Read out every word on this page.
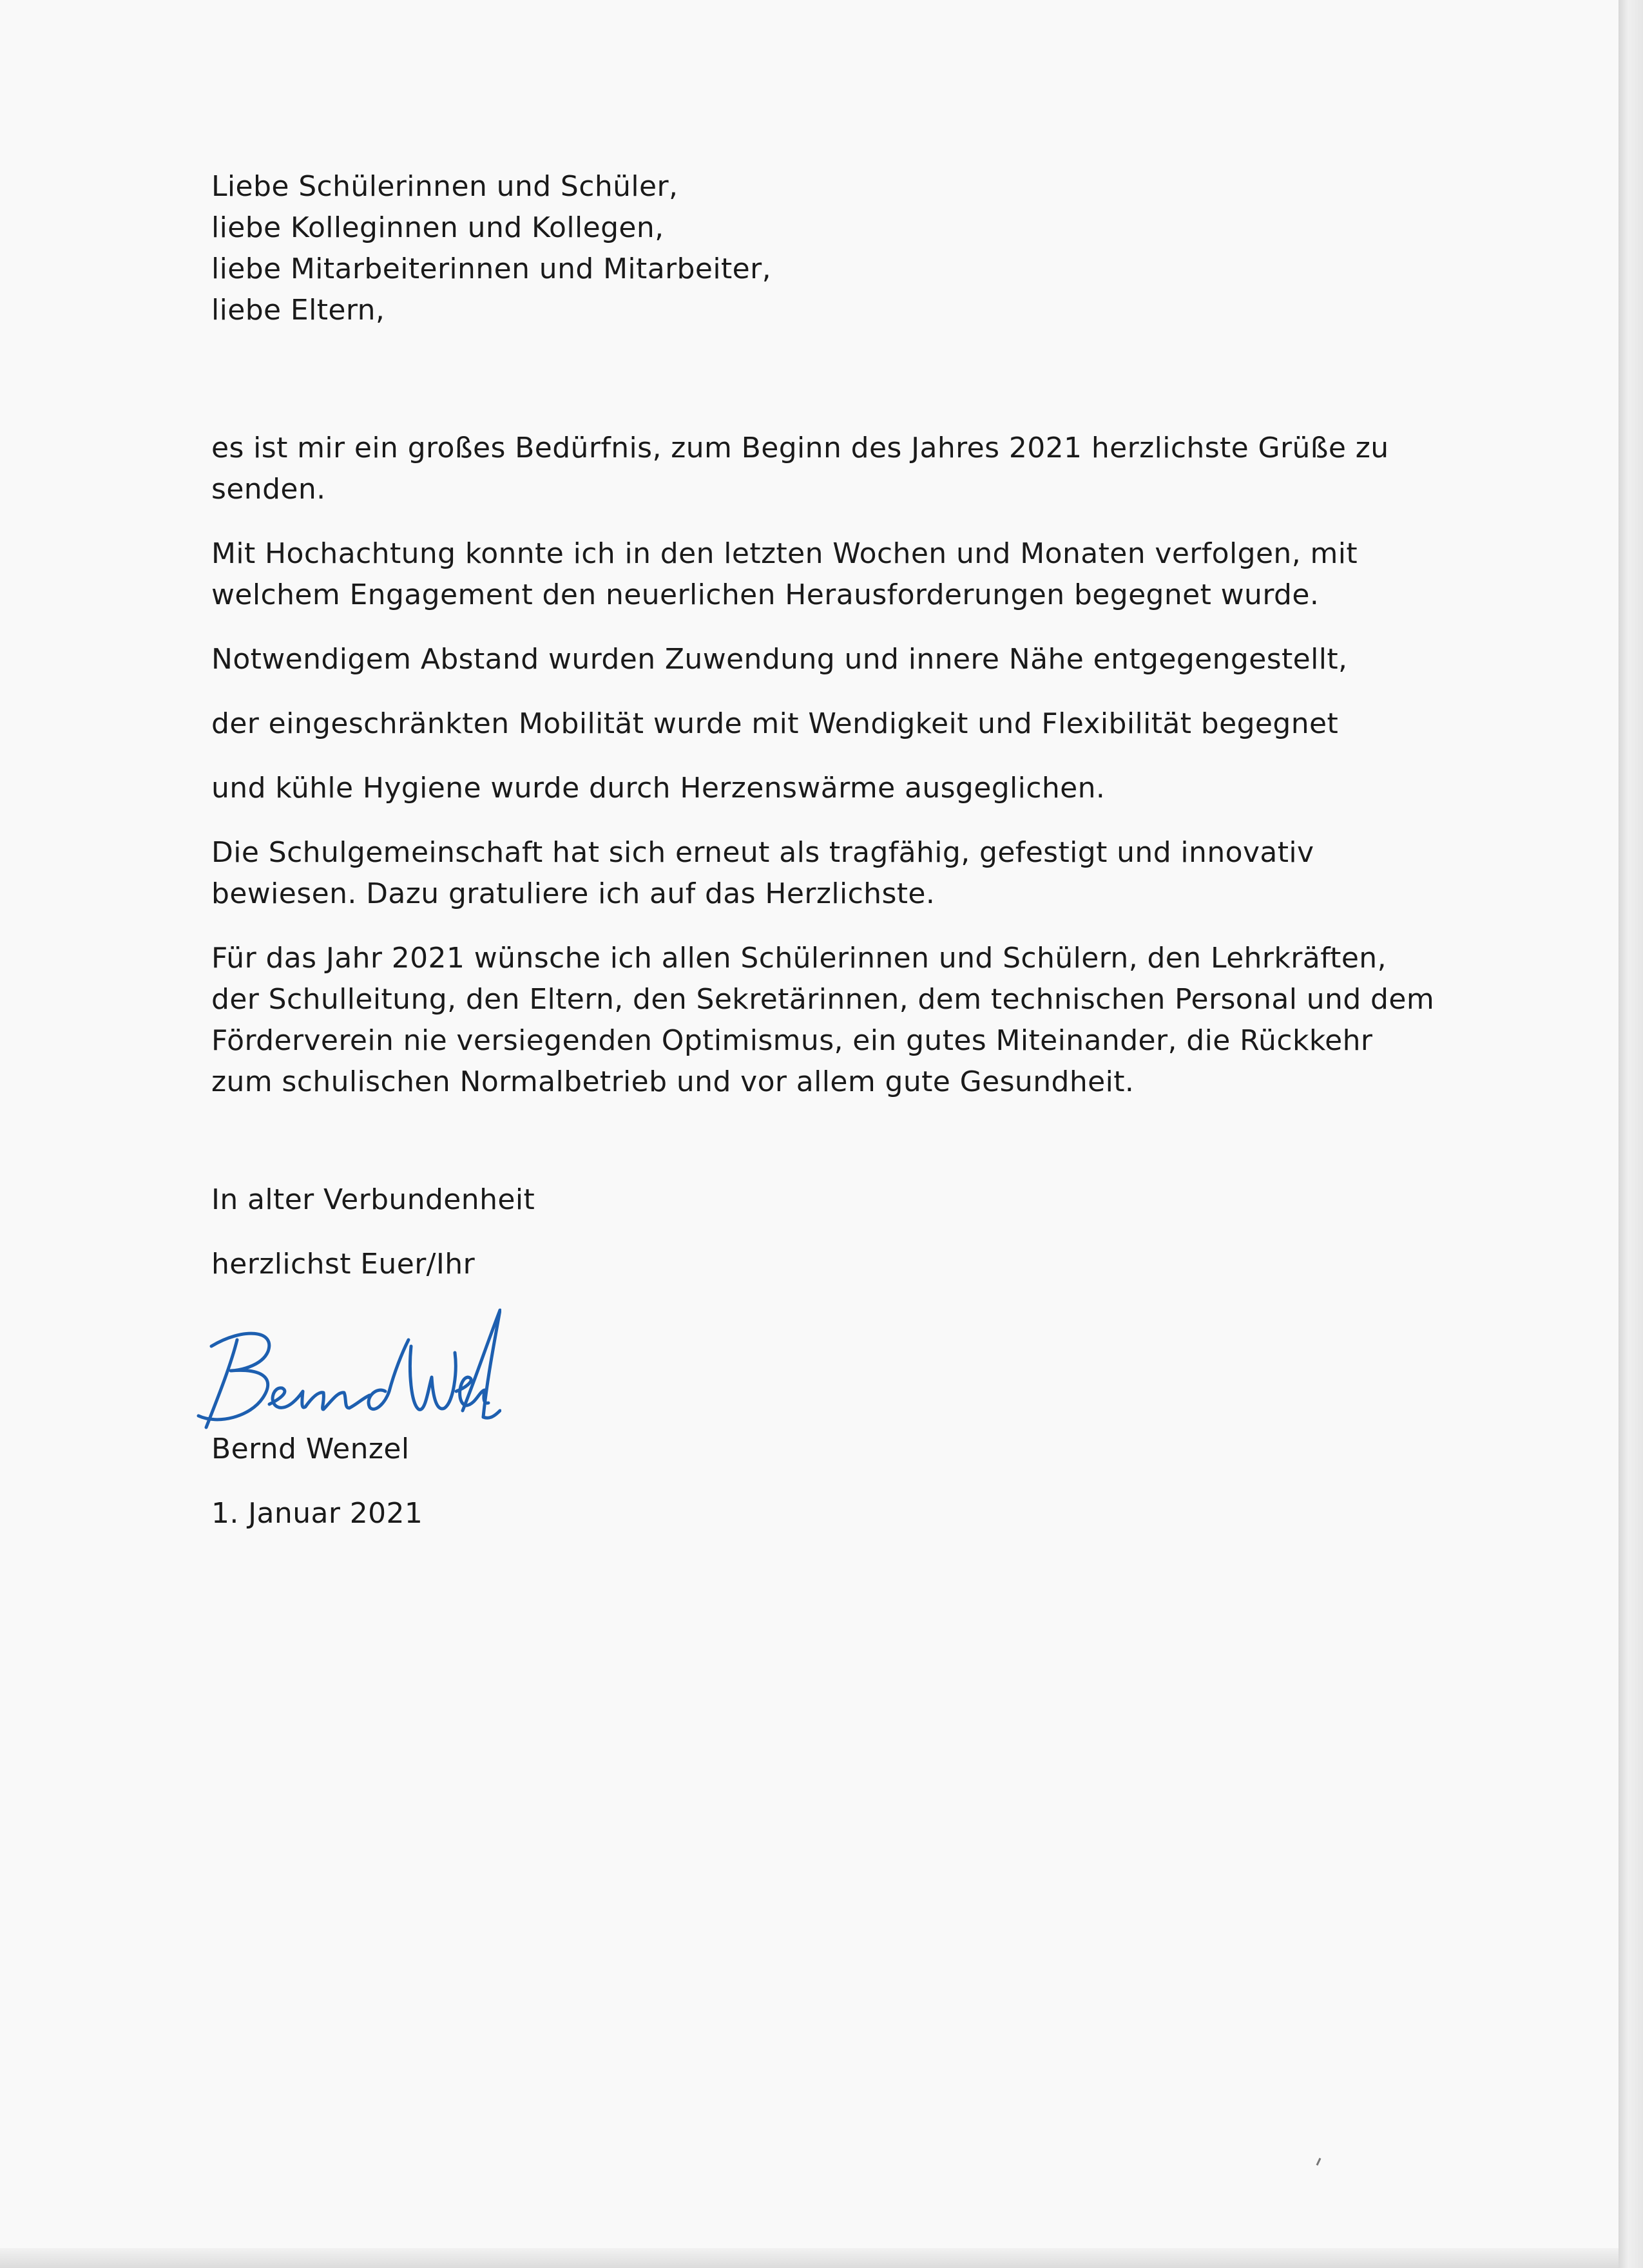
Liebe Schülerinnen und Schüler,
liebe Kolleginnen und Kollegen,
liebe Mitarbeiterinnen und Mitarbeiter,
liebe Eltern,
es ist mir ein großes Bedürfnis, zum Beginn des Jahres 2021 herzlichste Grüße zu
senden.
Mit Hochachtung konnte ich in den letzten Wochen und Monaten verfolgen, mit
welchem Engagement den neuerlichen Herausforderungen begegnet wurde.
Notwendigem Abstand wurden Zuwendung und innere Nähe entgegengestellt,
der eingeschränkten Mobilität wurde mit Wendigkeit und Flexibilität begegnet
und kühle Hygiene wurde durch Herzenswärme ausgeglichen.
Die Schulgemeinschaft hat sich erneut als tragfähig, gefestigt und innovativ
bewiesen. Dazu gratuliere ich auf das Herzlichste.
Für das Jahr 2021 wünsche ich allen Schülerinnen und Schülern, den Lehrkräften,
der Schulleitung, den Eltern, den Sekretärinnen, dem technischen Personal und dem
Förderverein nie versiegenden Optimismus, ein gutes Miteinander, die Rückkehr
zum schulischen Normalbetrieb und vor allem gute Gesundheit.
In alter Verbundenheit
herzlichst Euer/Ihr
Bernd Wenzel
1. Januar 2021
